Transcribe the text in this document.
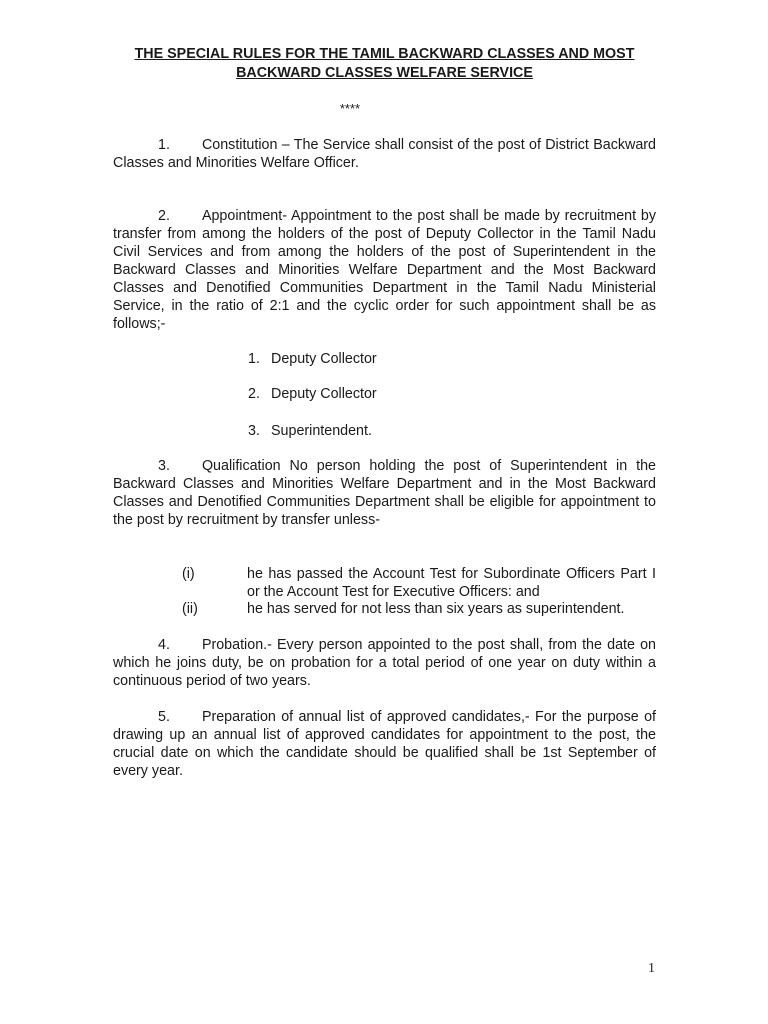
THE SPECIAL RULES FOR THE TAMIL BACKWARD CLASSES AND MOST BACKWARD CLASSES WELFARE SERVICE
****
1. Constitution – The Service shall consist of the post of District Backward Classes and Minorities Welfare Officer.
2. Appointment- Appointment to the post shall be made by recruitment by transfer from among the holders of the post of Deputy Collector in the Tamil Nadu Civil Services and from among the holders of the post of Superintendent in the Backward Classes and Minorities Welfare Department and the Most Backward Classes and Denotified Communities Department in the Tamil Nadu Ministerial Service, in the ratio of 2:1 and the cyclic order for such appointment shall be as follows;-
1. Deputy Collector
2. Deputy Collector
3. Superintendent.
3. Qualification No person holding the post of Superintendent in the Backward Classes and Minorities Welfare Department and in the Most Backward Classes and Denotified Communities Department shall be eligible for appointment to the post by recruitment by transfer unless-
(i)	he has passed the Account Test for Subordinate Officers Part I or the Account Test for Executive Officers: and
(ii)	he has served for not less than six years as superintendent.
4. Probation.- Every person appointed to the post shall, from the date on which he joins duty, be on probation for a total period of one year on duty within a continuous period of two years.
5. Preparation of annual list of approved candidates,- For the purpose of drawing up an annual list of approved candidates for appointment to the post, the crucial date on which the candidate should be qualified shall be 1st September of every year.
1
